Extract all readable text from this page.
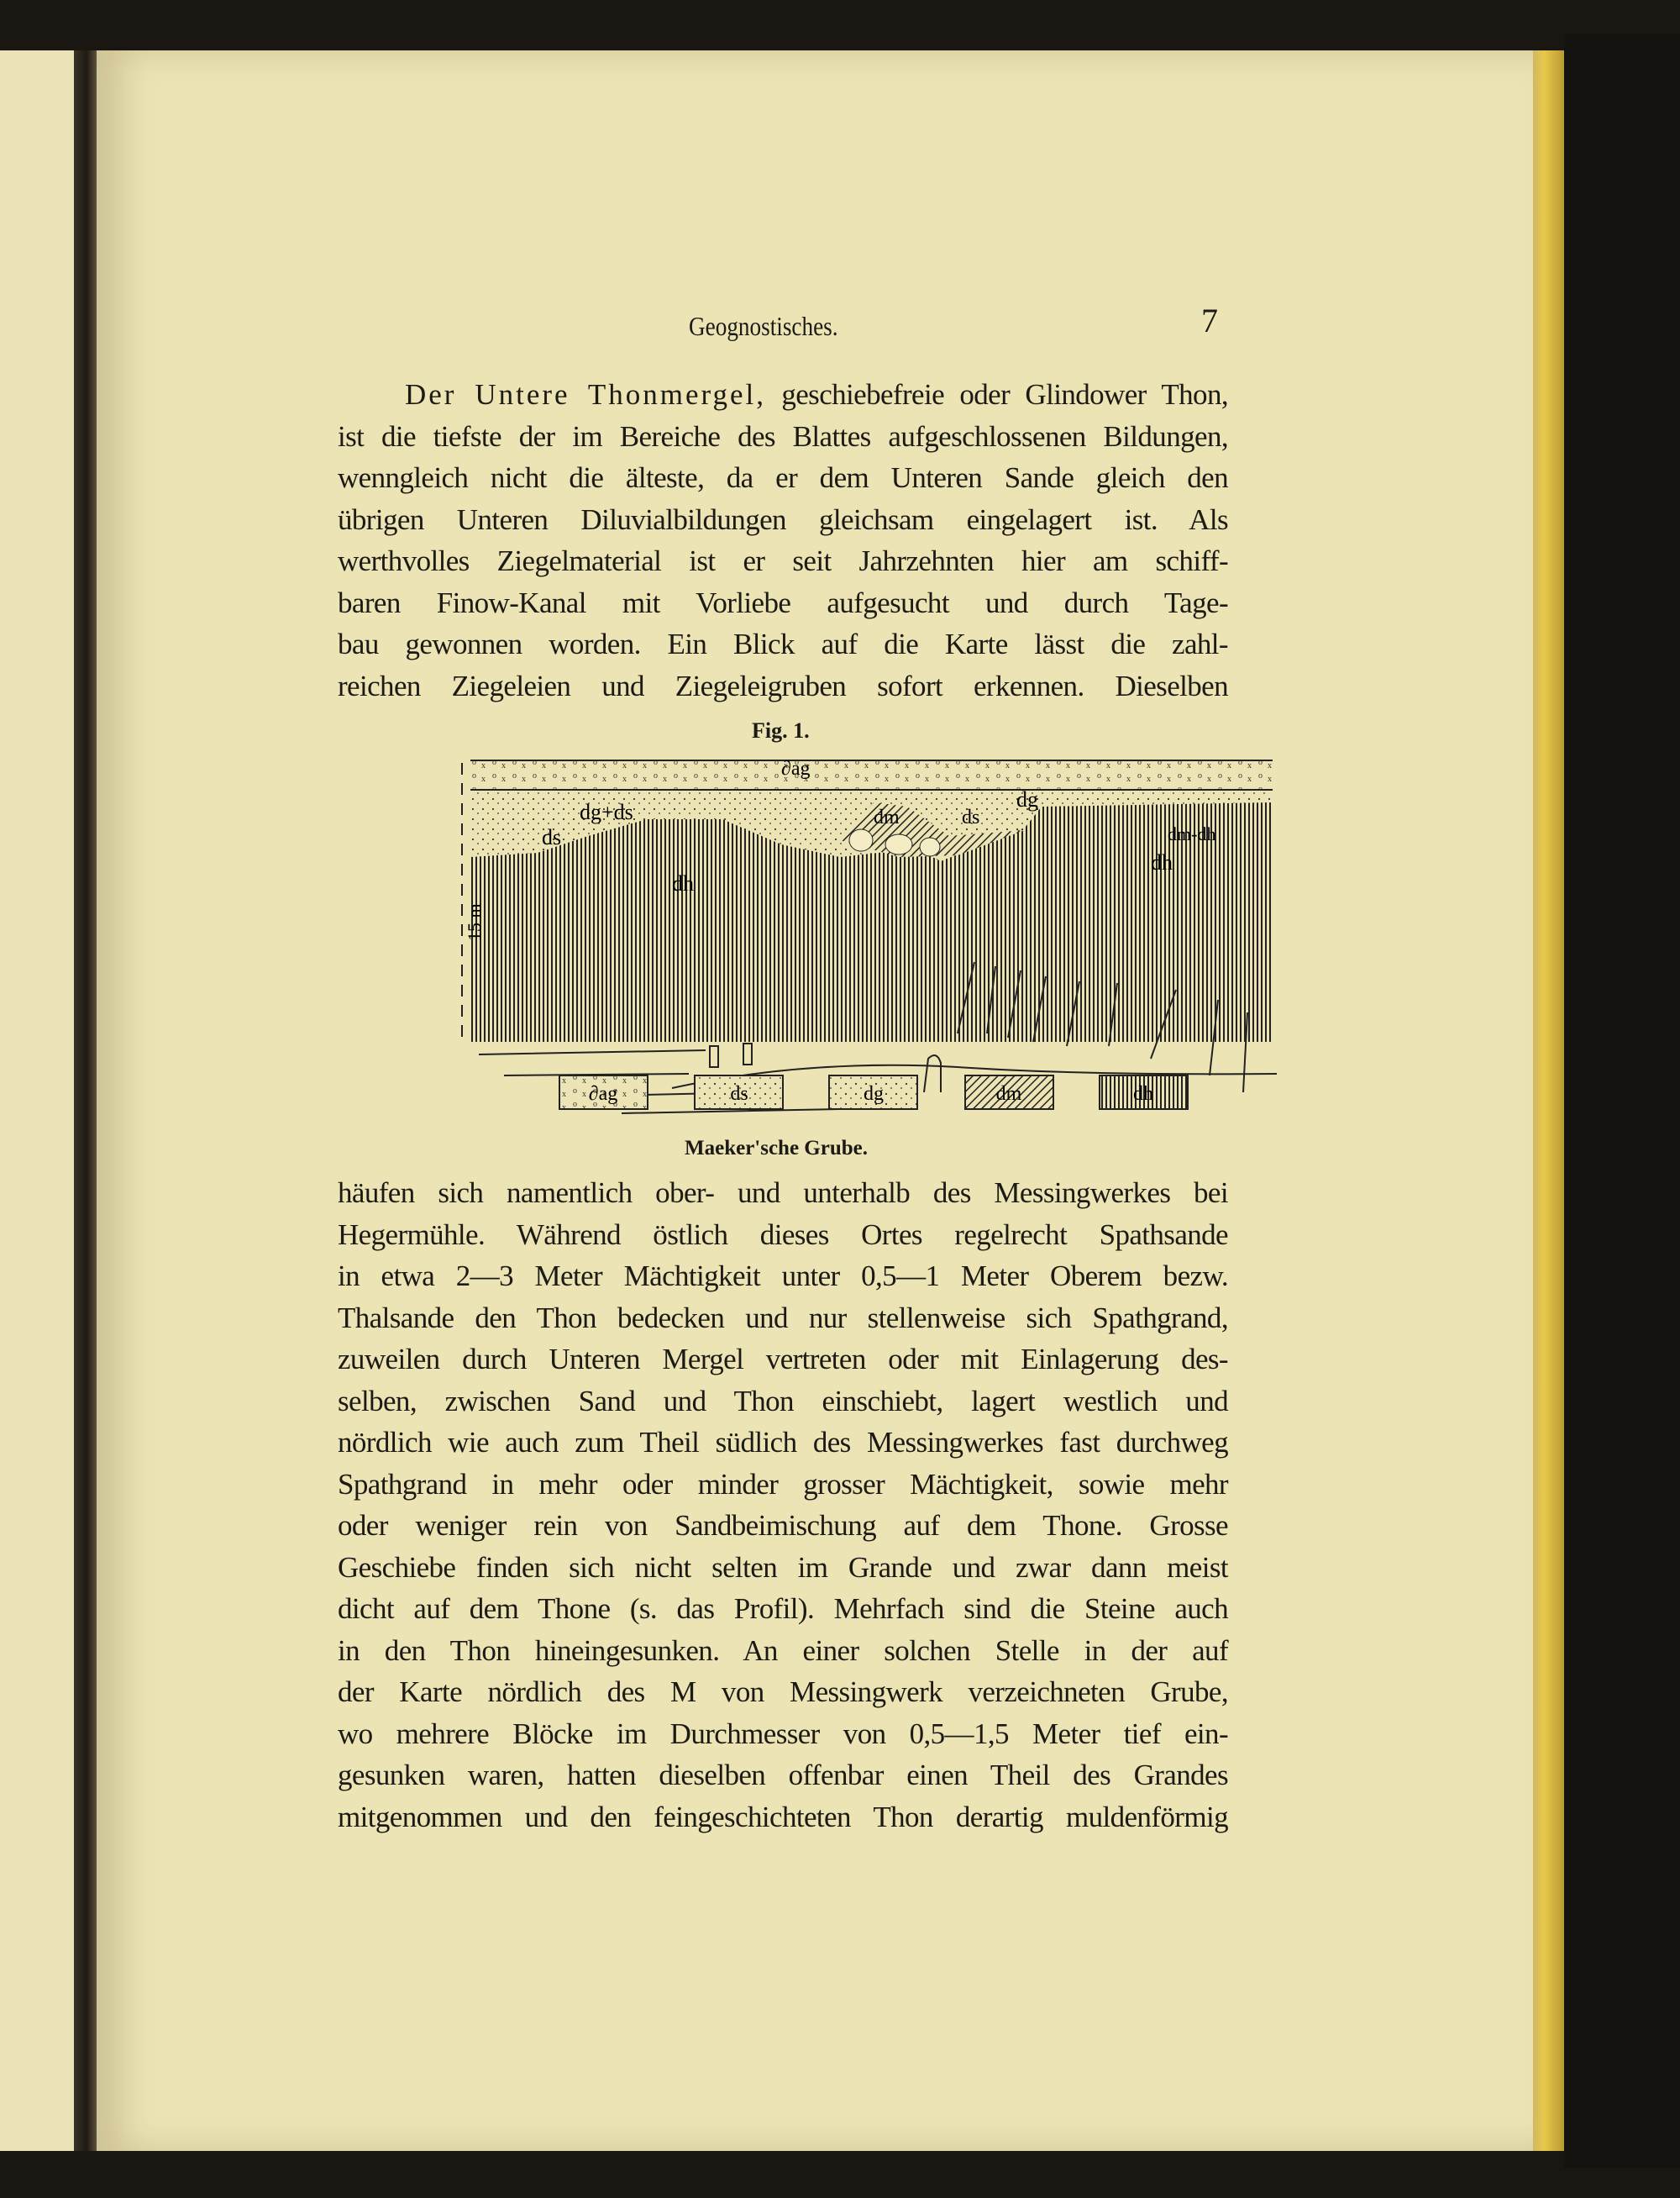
Geognostisches.	7
Der Untere Thonmergel, geschiebefreie oder Glindower Thon,
ist die tiefste der im Bereiche des Blattes aufgeschlossenen Bildungen,
wenngleich nicht die älteste, da er dem Unteren Sande gleich den
übrigen Unteren Diluvialbildungen gleichsam eingelagert ist. Als
werthvolles Ziegelmaterial ist er seit Jahrzehnten hier am schiff-
baren Finow-Kanal mit Vorliebe aufgesucht und durch Tage-
bau gewonnen worden. Ein Blick auf die Karte lässt die zahl-
reichen Ziegeleien und Ziegeleigruben sofort erkennen. Dieselben
Fig. 1.
dg+ds
ds
∂ag
dm	ds
dg
dm-dh
dh
dh
15 m
∂ag	ds	dg	dm	dh
Maeker'sche Grube.
häufen sich namentlich ober- und unterhalb des Messingwerkes bei
Hegermühle. Während östlich dieses Ortes regelrecht Spathsande
in etwa 2—3 Meter Mächtigkeit unter 0,5—1 Meter Oberem bezw.
Thalsande den Thon bedecken und nur stellenweise sich Spathgrand,
zuweilen durch Unteren Mergel vertreten oder mit Einlagerung des-
selben, zwischen Sand und Thon einschiebt, lagert westlich und
nördlich wie auch zum Theil südlich des Messingwerkes fast durchweg
Spathgrand in mehr oder minder grosser Mächtigkeit, sowie mehr
oder weniger rein von Sandbeimischung auf dem Thone. Grosse
Geschiebe finden sich nicht selten im Grande und zwar dann meist
dicht auf dem Thone (s. das Profil). Mehrfach sind die Steine auch
in den Thon hineingesunken. An einer solchen Stelle in der auf
der Karte nördlich des M von Messingwerk verzeichneten Grube,
wo mehrere Blöcke im Durchmesser von 0,5—1,5 Meter tief ein-
gesunken waren, hatten dieselben offenbar einen Theil des Grandes
mitgenommen und den feingeschichteten Thon derartig muldenförmig
